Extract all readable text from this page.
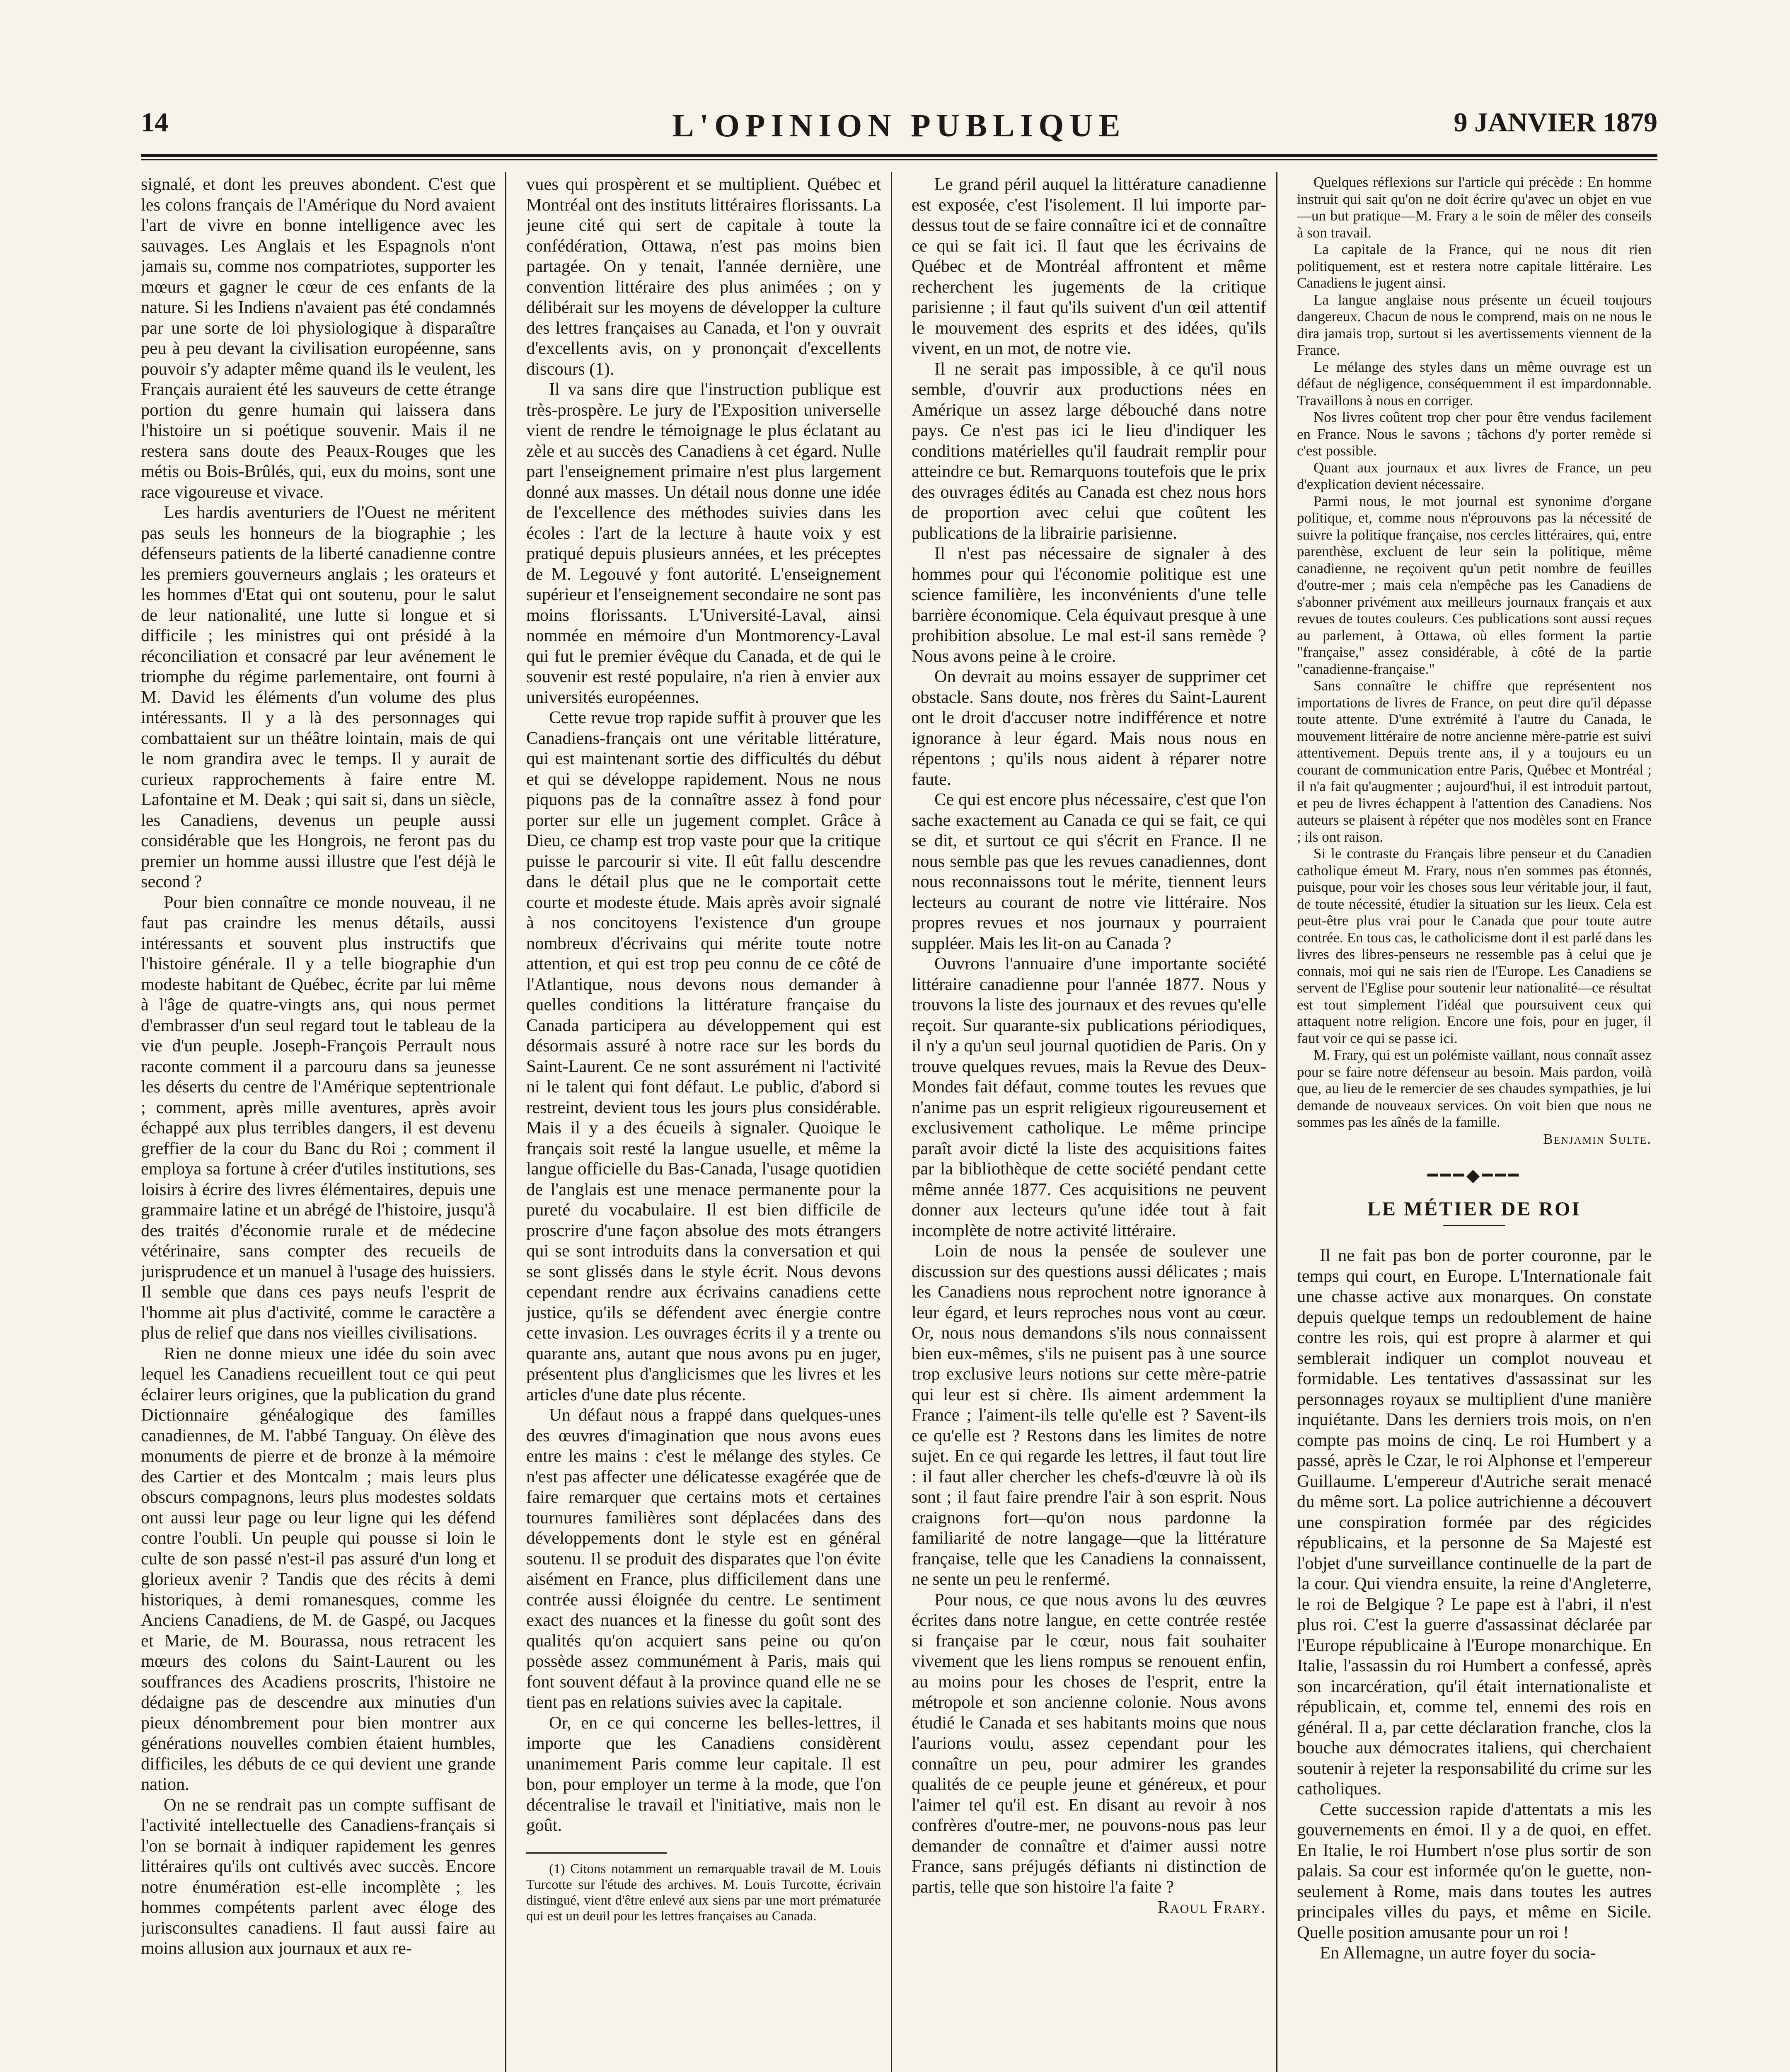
14	L'OPINION PUBLIQUE	9 JANVIER 1879

signalé, et dont les preuves abondent. C'est que les colons français de l'Amérique du Nord avaient l'art de vivre en bonne intelligence avec les sauvages. Les Anglais et les Espagnols n'ont jamais su, comme nos compatriotes, supporter les mœurs et gagner le cœur de ces enfants de la nature. Si les Indiens n'avaient pas été condamnés par une sorte de loi physiologique à disparaître peu à peu devant la civilisation européenne, sans pouvoir s'y adapter même quand ils le veulent, les Français auraient été les sauveurs de cette étrange portion du genre humain qui laissera dans l'histoire un si poétique souvenir. Mais il ne restera sans doute des Peaux-Rouges que les métis ou Bois-Brûlés, qui, eux du moins, sont une race vigoureuse et vivace.

Les hardis aventuriers de l'Ouest ne méritent pas seuls les honneurs de la biographie ; les défenseurs patients de la liberté canadienne contre les premiers gouverneurs anglais ; les orateurs et les hommes d'Etat qui ont soutenu, pour le salut de leur nationalité, une lutte si longue et si difficile ; les ministres qui ont présidé à la réconciliation et consacré par leur avénement le triomphe du régime parlementaire, ont fourni à M. David les éléments d'un volume des plus intéressants. Il y a là des personnages qui combattaient sur un théâtre lointain, mais de qui le nom grandira avec le temps. Il y aurait de curieux rapprochements à faire entre M. Lafontaine et M. Deak ; qui sait si, dans un siècle, les Canadiens, devenus un peuple aussi considérable que les Hongrois, ne feront pas du premier un homme aussi illustre que l'est déjà le second ?

Pour bien connaître ce monde nouveau, il ne faut pas craindre les menus détails, aussi intéressants et souvent plus instructifs que l'histoire générale. Il y a telle biographie d'un modeste habitant de Québec, écrite par lui même à l'âge de quatre-vingts ans, qui nous permet d'embrasser d'un seul regard tout le tableau de la vie d'un peuple. Joseph-François Perrault nous raconte comment il a parcouru dans sa jeunesse les déserts du centre de l'Amérique septentrionale ; comment, après mille aventures, après avoir échappé aux plus terribles dangers, il est devenu greffier de la cour du Banc du Roi ; comment il employa sa fortune à créer d'utiles institutions, ses loisirs à écrire des livres élémentaires, depuis une grammaire latine et un abrégé de l'histoire, jusqu'à des traités d'économie rurale et de médecine vétérinaire, sans compter des recueils de jurisprudence et un manuel à l'usage des huissiers. Il semble que dans ces pays neufs l'esprit de l'homme ait plus d'activité, comme le caractère a plus de relief que dans nos vieilles civilisations.

Rien ne donne mieux une idée du soin avec lequel les Canadiens recueillent tout ce qui peut éclairer leurs origines, que la publication du grand Dictionnaire généalogique des familles canadiennes, de M. l'abbé Tanguay. On élève des monuments de pierre et de bronze à la mémoire des Cartier et des Montcalm ; mais leurs plus obscurs compagnons, leurs plus modestes soldats ont aussi leur page ou leur ligne qui les défend contre l'oubli. Un peuple qui pousse si loin le culte de son passé n'est-il pas assuré d'un long et glorieux avenir ? Tandis que des récits à demi historiques, à demi romanesques, comme les Anciens Canadiens, de M. de Gaspé, ou Jacques et Marie, de M. Bourassa, nous retracent les mœurs des colons du Saint-Laurent ou les souffrances des Acadiens proscrits, l'histoire ne dédaigne pas de descendre aux minuties d'un pieux dénombrement pour bien montrer aux générations nouvelles combien étaient humbles, difficiles, les débuts de ce qui devient une grande nation.

On ne se rendrait pas un compte suffisant de l'activité intellectuelle des Canadiens-français si l'on se bornait à indiquer rapidement les genres littéraires qu'ils ont cultivés avec succès. Encore notre énumération est-elle incomplète ; les hommes compétents parlent avec éloge des jurisconsultes canadiens. Il faut aussi faire au moins allusion aux journaux et aux re-

vues qui prospèrent et se multiplient. Québec et Montréal ont des instituts littéraires florissants. La jeune cité qui sert de capitale à toute la confédération, Ottawa, n'est pas moins bien partagée. On y tenait, l'année dernière, une convention littéraire des plus animées ; on y délibérait sur les moyens de développer la culture des lettres françaises au Canada, et l'on y ouvrait d'excellents avis, on y prononçait d'excellents discours (1).

Il va sans dire que l'instruction publique est très-prospère. Le jury de l'Exposition universelle vient de rendre le témoignage le plus éclatant au zèle et au succès des Canadiens à cet égard. Nulle part l'enseignement primaire n'est plus largement donné aux masses. Un détail nous donne une idée de l'excellence des méthodes suivies dans les écoles : l'art de la lecture à haute voix y est pratiqué depuis plusieurs années, et les préceptes de M. Legouvé y font autorité. L'enseignement supérieur et l'enseignement secondaire ne sont pas moins florissants. L'Université-Laval, ainsi nommée en mémoire d'un Montmorency-Laval qui fut le premier évêque du Canada, et de qui le souvenir est resté populaire, n'a rien à envier aux universités européennes.

Cette revue trop rapide suffit à prouver que les Canadiens-français ont une véritable littérature, qui est maintenant sortie des difficultés du début et qui se développe rapidement. Nous ne nous piquons pas de la connaître assez à fond pour porter sur elle un jugement complet. Grâce à Dieu, ce champ est trop vaste pour que la critique puisse le parcourir si vite. Il eût fallu descendre dans le détail plus que ne le comportait cette courte et modeste étude. Mais après avoir signalé à nos concitoyens l'existence d'un groupe nombreux d'écrivains qui mérite toute notre attention, et qui est trop peu connu de ce côté de l'Atlantique, nous devons nous demander à quelles conditions la littérature française du Canada participera au développement qui est désormais assuré à notre race sur les bords du Saint-Laurent. Ce ne sont assurément ni l'activité ni le talent qui font défaut. Le public, d'abord si restreint, devient tous les jours plus considérable. Mais il y a des écueils à signaler. Quoique le français soit resté la langue usuelle, et même la langue officielle du Bas-Canada, l'usage quotidien de l'anglais est une menace permanente pour la pureté du vocabulaire. Il est bien difficile de proscrire d'une façon absolue des mots étrangers qui se sont introduits dans la conversation et qui se sont glissés dans le style écrit. Nous devons cependant rendre aux écrivains canadiens cette justice, qu'ils se défendent avec énergie contre cette invasion. Les ouvrages écrits il y a trente ou quarante ans, autant que nous avons pu en juger, présentent plus d'anglicismes que les livres et les articles d'une date plus récente.

Un défaut nous a frappé dans quelques-unes des œuvres d'imagination que nous avons eues entre les mains : c'est le mélange des styles. Ce n'est pas affecter une délicatesse exagérée que de faire remarquer que certains mots et certaines tournures familières sont déplacées dans des développements dont le style est en général soutenu. Il se produit des disparates que l'on évite aisément en France, plus difficilement dans une contrée aussi éloignée du centre. Le sentiment exact des nuances et la finesse du goût sont des qualités qu'on acquiert sans peine ou qu'on possède assez communément à Paris, mais qui font souvent défaut à la province quand elle ne se tient pas en relations suivies avec la capitale.

Or, en ce qui concerne les belles-lettres, il importe que les Canadiens considèrent unanimement Paris comme leur capitale. Il est bon, pour employer un terme à la mode, que l'on décentralise le travail et l'initiative, mais non le goût.

(1) Citons notamment un remarquable travail de M. Louis Turcotte sur l'étude des archives. M. Louis Turcotte, écrivain distingué, vient d'être enlevé aux siens par une mort prématurée qui est un deuil pour les lettres françaises au Canada.

Le grand péril auquel la littérature canadienne est exposée, c'est l'isolement. Il lui importe par-dessus tout de se faire connaître ici et de connaître ce qui se fait ici. Il faut que les écrivains de Québec et de Montréal affrontent et même recherchent les jugements de la critique parisienne ; il faut qu'ils suivent d'un œil attentif le mouvement des esprits et des idées, qu'ils vivent, en un mot, de notre vie.

Il ne serait pas impossible, à ce qu'il nous semble, d'ouvrir aux productions nées en Amérique un assez large débouché dans notre pays. Ce n'est pas ici le lieu d'indiquer les conditions matérielles qu'il faudrait remplir pour atteindre ce but. Remarquons toutefois que le prix des ouvrages édités au Canada est chez nous hors de proportion avec celui que coûtent les publications de la librairie parisienne.

Il n'est pas nécessaire de signaler à des hommes pour qui l'économie politique est une science familière, les inconvénients d'une telle barrière économique. Cela équivaut presque à une prohibition absolue. Le mal est-il sans remède ? Nous avons peine à le croire.

On devrait au moins essayer de supprimer cet obstacle. Sans doute, nos frères du Saint-Laurent ont le droit d'accuser notre indifférence et notre ignorance à leur égard. Mais nous nous en répentons ; qu'ils nous aident à réparer notre faute.

Ce qui est encore plus nécessaire, c'est que l'on sache exactement au Canada ce qui se fait, ce qui se dit, et surtout ce qui s'écrit en France. Il ne nous semble pas que les revues canadiennes, dont nous reconnaissons tout le mérite, tiennent leurs lecteurs au courant de notre vie littéraire. Nos propres revues et nos journaux y pourraient suppléer. Mais les lit-on au Canada ?

Ouvrons l'annuaire d'une importante société littéraire canadienne pour l'année 1877. Nous y trouvons la liste des journaux et des revues qu'elle reçoit. Sur quarante-six publications périodiques, il n'y a qu'un seul journal quotidien de Paris. On y trouve quelques revues, mais la Revue des Deux-Mondes fait défaut, comme toutes les revues que n'anime pas un esprit religieux rigoureusement et exclusivement catholique. Le même principe paraît avoir dicté la liste des acquisitions faites par la bibliothèque de cette société pendant cette même année 1877. Ces acquisitions ne peuvent donner aux lecteurs qu'une idée tout à fait incomplète de notre activité littéraire.

Loin de nous la pensée de soulever une discussion sur des questions aussi délicates ; mais les Canadiens nous reprochent notre ignorance à leur égard, et leurs reproches nous vont au cœur. Or, nous nous demandons s'ils nous connaissent bien eux-mêmes, s'ils ne puisent pas à une source trop exclusive leurs notions sur cette mère-patrie qui leur est si chère. Ils aiment ardemment la France ; l'aiment-ils telle qu'elle est ? Savent-ils ce qu'elle est ? Restons dans les limites de notre sujet. En ce qui regarde les lettres, il faut tout lire : il faut aller chercher les chefs-d'œuvre là où ils sont ; il faut faire prendre l'air à son esprit. Nous craignons fort—qu'on nous pardonne la familiarité de notre langage—que la littérature française, telle que les Canadiens la connaissent, ne sente un peu le renfermé.

Pour nous, ce que nous avons lu des œuvres écrites dans notre langue, en cette contrée restée si française par le cœur, nous fait souhaiter vivement que les liens rompus se renouent enfin, au moins pour les choses de l'esprit, entre la métropole et son ancienne colonie. Nous avons étudié le Canada et ses habitants moins que nous l'aurions voulu, assez cependant pour les connaître un peu, pour admirer les grandes qualités de ce peuple jeune et généreux, et pour l'aimer tel qu'il est. En disant au revoir à nos confrères d'outre-mer, ne pouvons-nous pas leur demander de connaître et d'aimer aussi notre France, sans préjugés défiants ni distinction de partis, telle que son histoire l'a faite ?

Raoul Frary.

Quelques réflexions sur l'article qui précède : En homme instruit qui sait qu'on ne doit écrire qu'avec un objet en vue—un but pratique—M. Frary a le soin de mêler des conseils à son travail.

La capitale de la France, qui ne nous dit rien politiquement, est et restera notre capitale littéraire. Les Canadiens le jugent ainsi.

La langue anglaise nous présente un écueil toujours dangereux. Chacun de nous le comprend, mais on ne nous le dira jamais trop, surtout si les avertissements viennent de la France.

Le mélange des styles dans un même ouvrage est un défaut de négligence, conséquemment il est impardonnable. Travaillons à nous en corriger.

Nos livres coûtent trop cher pour être vendus facilement en France. Nous le savons ; tâchons d'y porter remède si c'est possible.

Quant aux journaux et aux livres de France, un peu d'explication devient nécessaire.

Parmi nous, le mot journal est synonime d'organe politique, et, comme nous n'éprouvons pas la nécessité de suivre la politique française, nos cercles littéraires, qui, entre parenthèse, excluent de leur sein la politique, même canadienne, ne reçoivent qu'un petit nombre de feuilles d'outre-mer ; mais cela n'empêche pas les Canadiens de s'abonner privément aux meilleurs journaux français et aux revues de toutes couleurs. Ces publications sont aussi reçues au parlement, à Ottawa, où elles forment la partie "française," assez considérable, à côté de la partie "canadienne-française."

Sans connaître le chiffre que représentent nos importations de livres de France, on peut dire qu'il dépasse toute attente. D'une extrémité à l'autre du Canada, le mouvement littéraire de notre ancienne mère-patrie est suivi attentivement. Depuis trente ans, il y a toujours eu un courant de communication entre Paris, Québec et Montréal ; il n'a fait qu'augmenter ; aujourd'hui, il est introduit partout, et peu de livres échappent à l'attention des Canadiens. Nos auteurs se plaisent à répéter que nos modèles sont en France ; ils ont raison.

Si le contraste du Français libre penseur et du Canadien catholique émeut M. Frary, nous n'en sommes pas étonnés, puisque, pour voir les choses sous leur véritable jour, il faut, de toute nécessité, étudier la situation sur les lieux. Cela est peut-être plus vrai pour le Canada que pour toute autre contrée. En tous cas, le catholicisme dont il est parlé dans les livres des libres-penseurs ne ressemble pas à celui que je connais, moi qui ne sais rien de l'Europe. Les Canadiens se servent de l'Eglise pour soutenir leur nationalité—ce résultat est tout simplement l'idéal que poursuivent ceux qui attaquent notre religion. Encore une fois, pour en juger, il faut voir ce qui se passe ici.

M. Frary, qui est un polémiste vaillant, nous connaît assez pour se faire notre défenseur au besoin. Mais pardon, voilà que, au lieu de le remercier de ses chaudes sympathies, je lui demande de nouveaux services. On voit bien que nous ne sommes pas les aînés de la famille.

Benjamin Sulte.

━━━◆━━━
LE MÉTIER DE ROI

Il ne fait pas bon de porter couronne, par le temps qui court, en Europe. L'Internationale fait une chasse active aux monarques. On constate depuis quelque temps un redoublement de haine contre les rois, qui est propre à alarmer et qui semblerait indiquer un complot nouveau et formidable. Les tentatives d'assassinat sur les personnages royaux se multiplient d'une manière inquiétante. Dans les derniers trois mois, on n'en compte pas moins de cinq. Le roi Humbert y a passé, après le Czar, le roi Alphonse et l'empereur Guillaume. L'empereur d'Autriche serait menacé du même sort. La police autrichienne a découvert une conspiration formée par des régicides républicains, et la personne de Sa Majesté est l'objet d'une surveillance continuelle de la part de la cour. Qui viendra ensuite, la reine d'Angleterre, le roi de Belgique ? Le pape est à l'abri, il n'est plus roi. C'est la guerre d'assassinat déclarée par l'Europe républicaine à l'Europe monarchique. En Italie, l'assassin du roi Humbert a confessé, après son incarcération, qu'il était internationaliste et républicain, et, comme tel, ennemi des rois en général. Il a, par cette déclaration franche, clos la bouche aux démocrates italiens, qui cherchaient soutenir à rejeter la responsabilité du crime sur les catholiques.

Cette succession rapide d'attentats a mis les gouvernements en émoi. Il y a de quoi, en effet. En Italie, le roi Humbert n'ose plus sortir de son palais. Sa cour est informée qu'on le guette, non-seulement à Rome, mais dans toutes les autres principales villes du pays, et même en Sicile. Quelle position amusante pour un roi !

En Allemagne, un autre foyer du socia-
